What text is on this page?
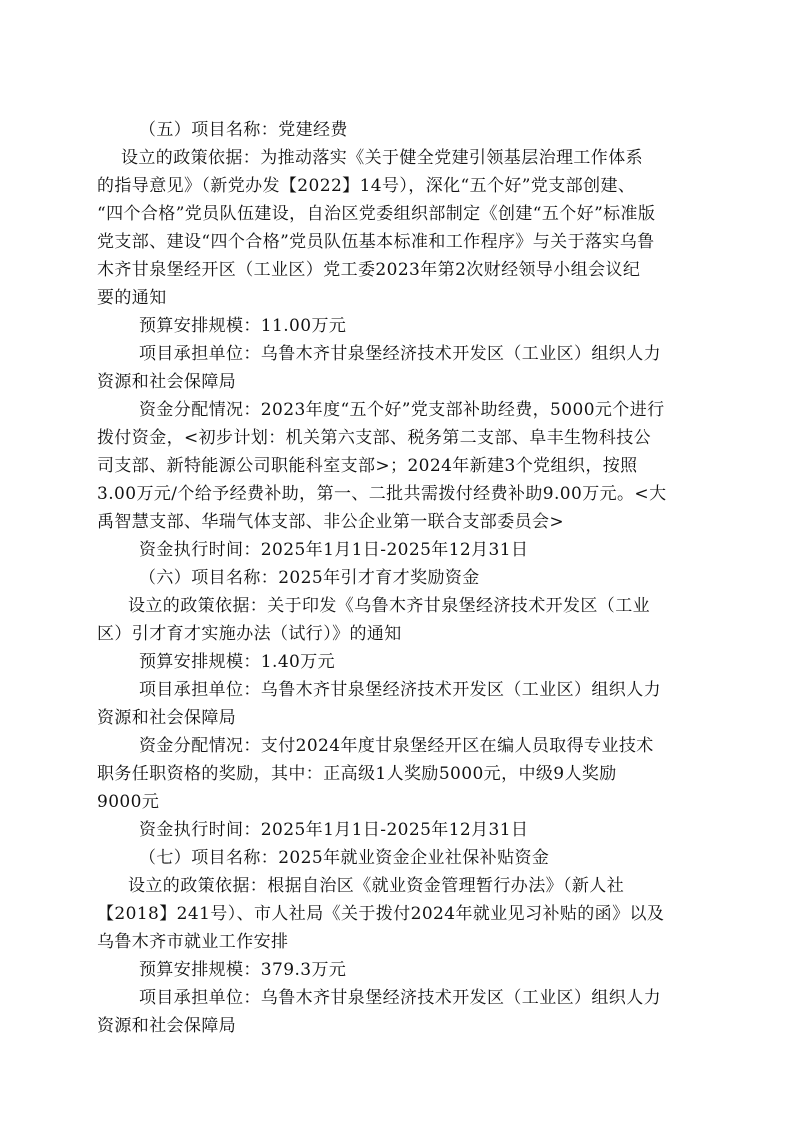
（五）项目名称：党建经费
设立的政策依据：为推动落实《关于健全党建引领基层治理工作体系
的指导意见》（新党办发【2022】14号），深化“五个好”党支部创建、
“四个合格”党员队伍建设，自治区党委组织部制定《创建“五个好”标准版
党支部、建设“四个合格”党员队伍基本标准和工作程序》与关于落实乌鲁
木齐甘泉堡经开区（工业区）党工委2023年第2次财经领导小组会议纪
要的通知
预算安排规模：11.00万元
项目承担单位：乌鲁木齐甘泉堡经济技术开发区（工业区）组织人力
资源和社会保障局
资金分配情况：2023年度“五个好”党支部补助经费，5000元个进行
拨付资金，<初步计划：机关第六支部、税务第二支部、阜丰生物科技公
司支部、新特能源公司职能科室支部>；2024年新建3个党组织，按照
3.00万元/个给予经费补助，第一、二批共需拨付经费补助9.00万元。<大
禹智慧支部、华瑞气体支部、非公企业第一联合支部委员会>
资金执行时间：2025年1月1日-2025年12月31日
（六）项目名称：2025年引才育才奖励资金
设立的政策依据：关于印发《乌鲁木齐甘泉堡经济技术开发区（工业
区）引才育才实施办法（试行）》的通知
预算安排规模：1.40万元
项目承担单位：乌鲁木齐甘泉堡经济技术开发区（工业区）组织人力
资源和社会保障局
资金分配情况：支付2024年度甘泉堡经开区在编人员取得专业技术
职务任职资格的奖励，其中：正高级1人奖励5000元，中级9人奖励
9000元
资金执行时间：2025年1月1日-2025年12月31日
（七）项目名称：2025年就业资金企业社保补贴资金
设立的政策依据：根据自治区《就业资金管理暂行办法》（新人社
【2018】241号）、市人社局《关于拨付2024年就业见习补贴的函》以及
乌鲁木齐市就业工作安排
预算安排规模：379.3万元
项目承担单位：乌鲁木齐甘泉堡经济技术开发区（工业区）组织人力
资源和社会保障局
